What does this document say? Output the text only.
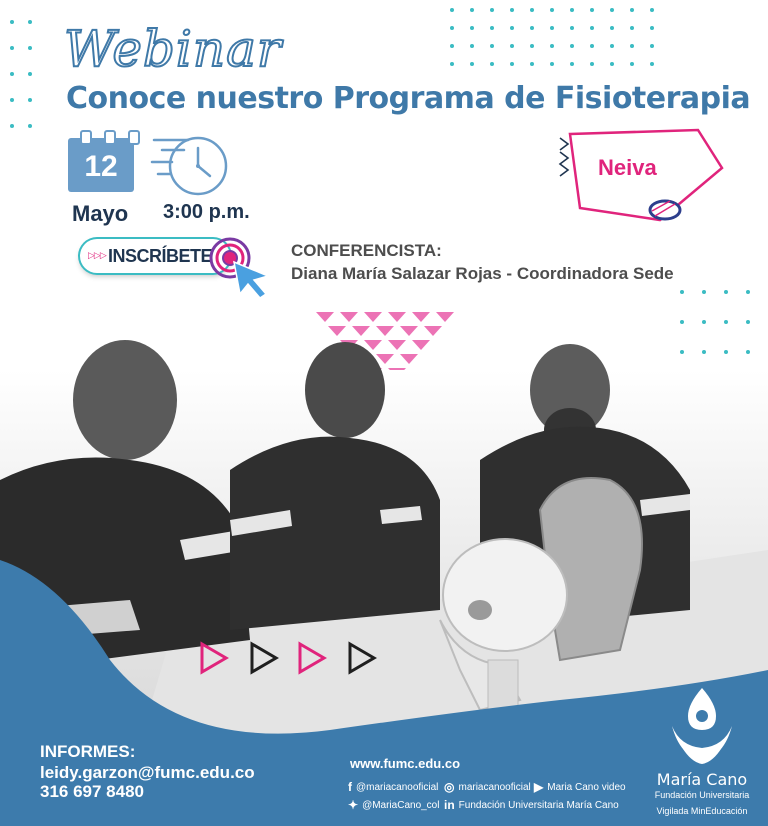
Webinar
Conoce nuestro Programa de Fisioterapia
12
Mayo 3:00 p.m.
Neiva
▷▷▷ INSCRÍBETE	CONFERENCISTA:
Diana María Salazar Rojas - Coordinadora Sede
INFORMES:
leidy.garzon@fumc.edu.co
316 697 8480
www.fumc.edu.co
f @mariacanooficial ◎ mariacanooficial ▶ Maria Cano video
✦ @MariaCano_col in Fundación Universitaria María Cano
María Cano
Fundación Universitaria
Vigilada MinEducación
